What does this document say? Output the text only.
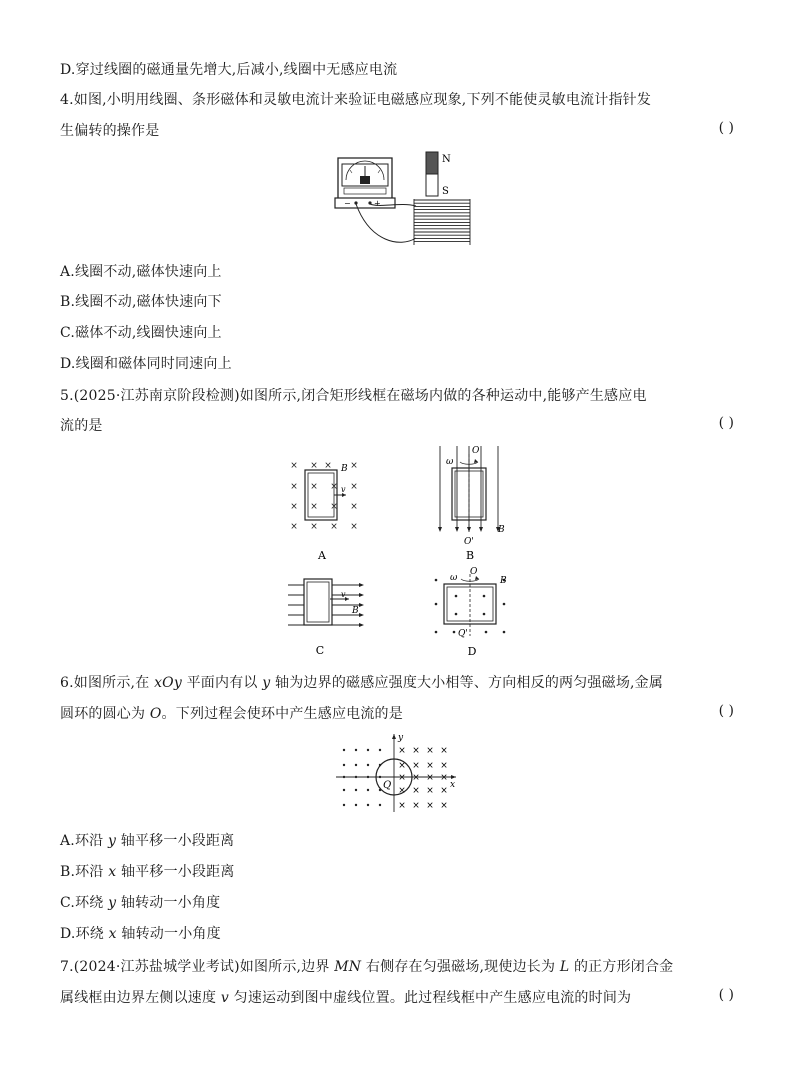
D.穿过线圈的磁通量先增大,后减小,线圈中无感应电流
4.如图,小明用线圈、条形磁体和灵敏电流计来验证电磁感应现象,下列不能使灵敏电流计指针发
生偏转的操作是	( )
−	+
N
S
A.线圈不动,磁体快速向上
B.线圈不动,磁体快速向下
C.磁体不动,线圈快速向上
D.线圈和磁体同时同速向上
5.(2025·江苏南京阶段检测)如图所示,闭合矩形线框在磁场内做的各种运动中,能够产生感应电
流的是	( )
× × × ×
× × × ×
× × × ×
× × × ×
v
B
A
O
ω
O'
B
B
v
B
C
O
ω	B
Q'
D
6.如图所示,在 xOy 平面内有以 y 轴为边界的磁感应强度大小相等、方向相反的两匀强磁场,金属
圆环的圆心为 O。下列过程会使环中产生感应电流的是	( )
× × × ×
× × × ×
× × × ×
× × × ×
× × × ×
y
x
Q
A.环沿 y 轴平移一小段距离
B.环沿 x 轴平移一小段距离
C.环绕 y 轴转动一小角度
D.环绕 x 轴转动一小角度
7.(2024·江苏盐城学业考试)如图所示,边界 MN 右侧存在匀强磁场,现使边长为 L 的正方形闭合金
属线框由边界左侧以速度 v 匀速运动到图中虚线位置。此过程线框中产生感应电流的时间为	( )
